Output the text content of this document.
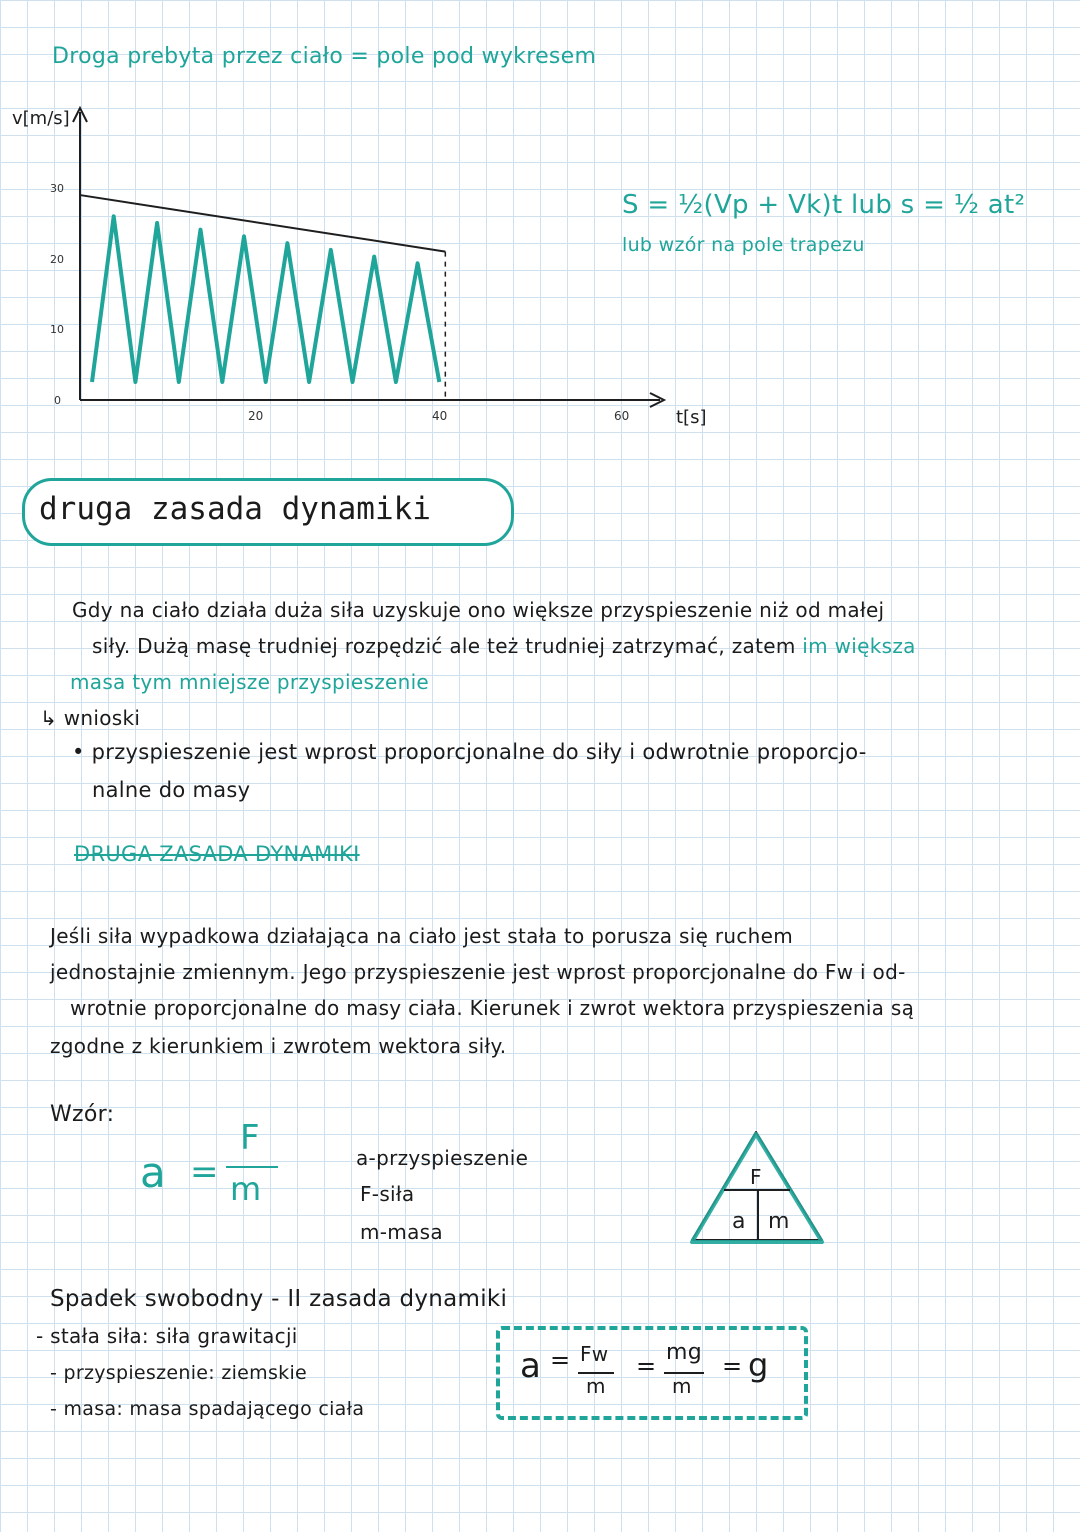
Droga prebyta przez ciało = pole pod wykresem
v[m/s]
30
20
10
0
20	40	60	t[s]
S = ½(Vp + Vk)t lub s = ½ at²
lub wzór na pole trapezu
druga zasada dynamiki
Gdy na ciało działa duża siła uzyskuje ono większe przyspieszenie niż od małej
siły. Dużą masę trudniej rozpędzić ale też trudniej zatrzymać, zatem im większa
masa tym mniejsze przyspieszenie
↳ wnioski
• przyspieszenie jest wprost proporcjonalne do siły i odwrotnie proporcjo-
nalne do masy
DRUGA ZASADA DYNAMIKI
Jeśli siła wypadkowa działająca na ciało jest stała to porusza się ruchem
jednostajnie zmiennym. Jego przyspieszenie jest wprost proporcjonalne do Fw i od-
wrotnie proporcjonalne do masy ciała. Kierunek i zwrot wektora przyspieszenia są
zgodne z kierunkiem i zwrotem wektora siły.
Wzór:
a =
F
m
a-przyspieszenie
F-siła
m-masa
F
a m
Spadek swobodny - II zasada dynamiki
- stała siła: siła grawitacji
- przyspieszenie: ziemskie
- masa: masa spadającego ciała
a = Fw
m
= mg
m
= g
